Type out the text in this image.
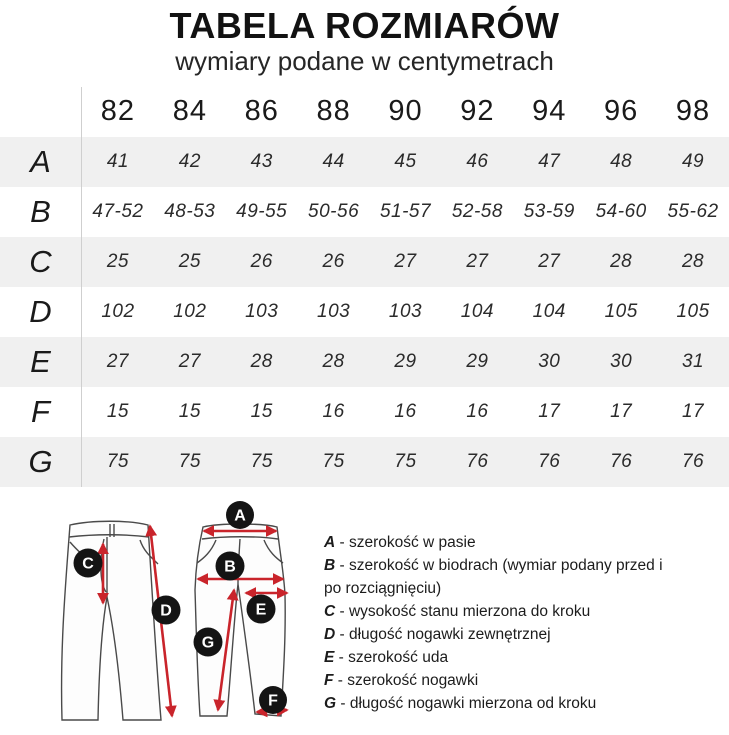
TABELA ROZMIARÓW
wymiary podane w centymetrach
82	84	86	88	90	92	94	96	98
A	41	42	43	44	45	46	47	48	49
B	47-52	48-53	49-55	50-56	51-57	52-58	53-59	54-60	55-62
C	25	25	26	26	27	27	27	28	28
D	102	102	103	103	103	104	104	105	105
E	27	27	28	28	29	29	30	30	31
F	15	15	15	16	16	16	17	17	17
G	75	75	75	75	75	76	76	76	76
C
D
A
B
E
G
F
A - szerokość w pasie
B - szerokość w biodrach (wymiar podany przed i po rozciągnięciu)
C - wysokość stanu mierzona do kroku
D - długość nogawki zewnętrznej
E - szerokość uda
F - szerokość nogawki
G - długość nogawki mierzona od kroku
